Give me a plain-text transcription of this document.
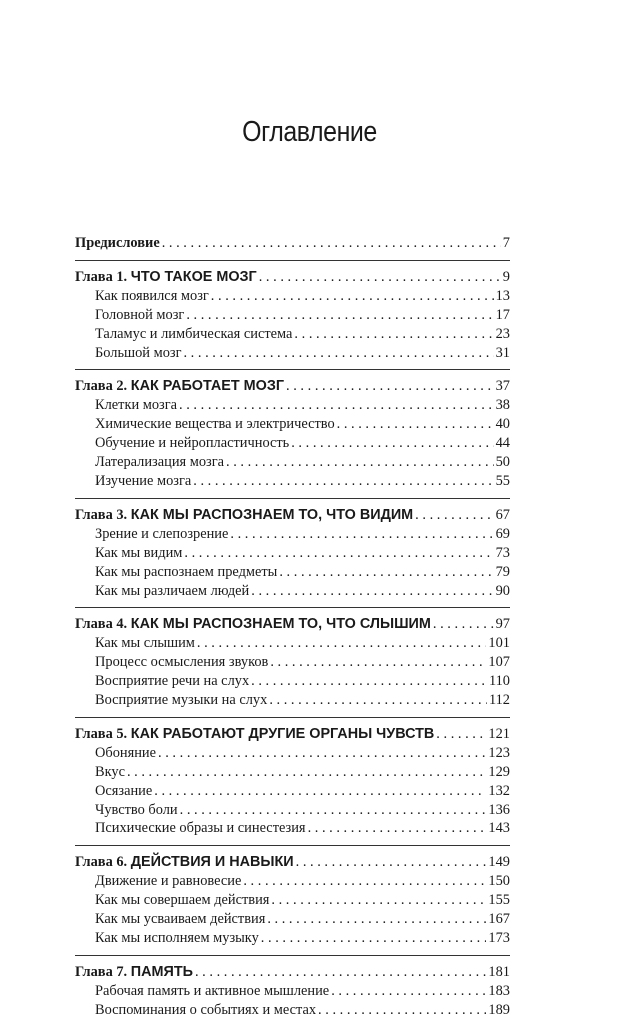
Оглавление
Предисловие . . .	7
Глава 1. ЧТО ТАКОЕ МОЗГ . . .	9
Как появился мозг . . .	13
Головной мозг . . .	17
Таламус и лимбическая система . . .	23
Большой мозг . . .	31
Глава 2. КАК РАБОТАЕТ МОЗГ . . .	37
Клетки мозга . . .	38
Химические вещества и электричество . . .	40
Обучение и нейропластичность . . .	44
Латерализация мозга . . .	50
Изучение мозга . . .	55
Глава 3. КАК МЫ РАСПОЗНАЕМ ТО, ЧТО ВИДИМ . . .	67
Зрение и слепозрение . . .	69
Как мы видим . . .	73
Как мы распознаем предметы . . .	79
Как мы различаем людей . . .	90
Глава 4. КАК МЫ РАСПОЗНАЕМ ТО, ЧТО СЛЫШИМ . . .	97
Как мы слышим . . .	101
Процесс осмысления звуков . . .	107
Восприятие речи на слух . . .	110
Восприятие музыки на слух . . .	112
Глава 5. КАК РАБОТАЮТ ДРУГИЕ ОРГАНЫ ЧУВСТВ . . .	121
Обоняние . . .	123
Вкус . . .	129
Осязание . . .	132
Чувство боли . . .	136
Психические образы и синестезия . . .	143
Глава 6. ДЕЙСТВИЯ И НАВЫКИ . . .	149
Движение и равновесие . . .	150
Как мы совершаем действия . . .	155
Как мы усваиваем действия . . .	167
Как мы исполняем музыку . . .	173
Глава 7. ПАМЯТЬ . . .	181
Рабочая память и активное мышление . . .	183
Воспоминания о событиях и местах . . .	189
